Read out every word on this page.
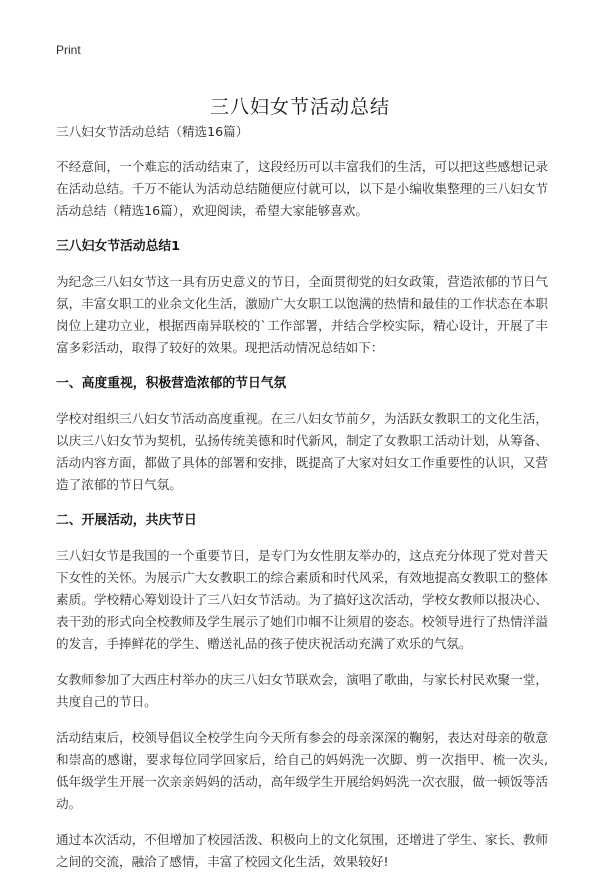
Print
三八妇女节活动总结

三八妇女节活动总结（精选16篇）

不经意间，一个难忘的活动结束了，这段经历可以丰富我们的生活，可以把这些感想记录在活动总结。千万不能认为活动总结随便应付就可以，以下是小编收集整理的三八妇女节活动总结（精选16篇），欢迎阅读，希望大家能够喜欢。

三八妇女节活动总结1

为纪念三八妇女节这一具有历史意义的节日，全面贯彻党的妇女政策，营造浓郁的节日气氛，丰富女职工的业余文化生活，激励广大女职工以饱满的热情和最佳的工作状态在本职岗位上建功立业，根据西南异联校的`工作部署，并结合学校实际，精心设计，开展了丰富多彩活动，取得了较好的效果。现把活动情况总结如下：

一、高度重视，积极营造浓郁的节日气氛

学校对组织三八妇女节活动高度重视。在三八妇女节前夕，为活跃女教职工的文化生活，以庆三八妇女节为契机，弘扬传统美德和时代新风，制定了女教职工活动计划，从筹备、活动内容方面，都做了具体的部署和安排，既提高了大家对妇女工作重要性的认识，又营造了浓郁的节日气氛。

二、开展活动，共庆节日

三八妇女节是我国的一个重要节日，是专门为女性朋友举办的，这点充分体现了党对普天下女性的关怀。为展示广大女教职工的综合素质和时代风采，有效地提高女教职工的整体素质。学校精心筹划设计了三八妇女节活动。为了搞好这次活动，学校女教师以报决心、表干劲的形式向全校教师及学生展示了她们巾帼不让须眉的姿态。校领导进行了热情洋溢的发言，手捧鲜花的学生、赠送礼品的孩子使庆祝活动充满了欢乐的气氛。

女教师参加了大西庄村举办的庆三八妇女节联欢会，演唱了歌曲，与家长村民欢聚一堂，共度自己的节日。

活动结束后，校领导倡议全校学生向今天所有参会的母亲深深的鞠躬，表达对母亲的敬意和崇高的感谢，要求每位同学回家后，给自己的妈妈洗一次脚、剪一次指甲、梳一次头,低年级学生开展一次亲亲妈妈的活动，高年级学生开展给妈妈洗一次衣服，做一顿饭等活动。

通过本次活动，不但增加了校园活泼、积极向上的文化氛围，还增进了学生、家长、教师之间的交流，融洽了感情，丰富了校园文化生活，效果较好!
